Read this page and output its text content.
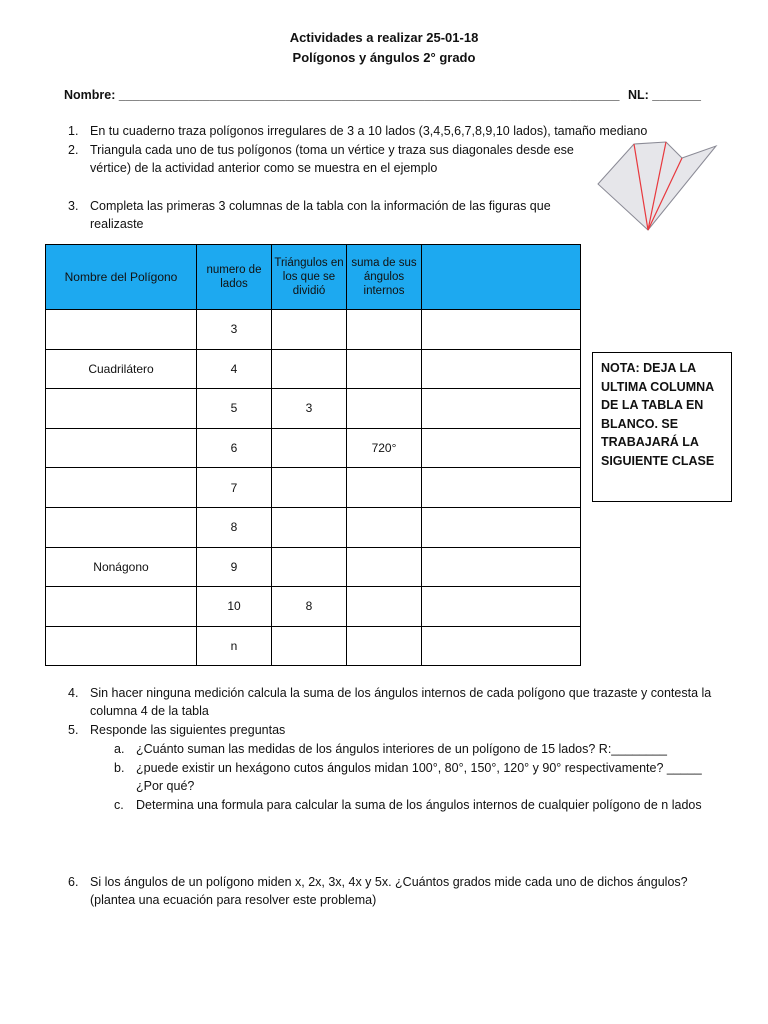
Actividades a realizar 25-01-18
Polígonos y ángulos 2° grado
Nombre: ________________________________________________________________________ NL: _______
1. En tu cuaderno traza polígonos irregulares de 3 a 10 lados (3,4,5,6,7,8,9,10 lados), tamaño mediano
2. Triangula cada uno de tus polígonos (toma un vértice y traza sus diagonales desde ese
vértice) de la actividad anterior como se muestra en el ejemplo
3. Completa las primeras 3 columnas de la tabla con la información de las figuras que
realizaste
Nombre del Polígono	numero de lados	Triángulos en los que se dividió	suma de sus ángulos internos	
	3			
Cuadrilátero	4			
	5	3		
	6		720°	
	7			
	8			
Nonágono	9			
	10	8		
	n			
NOTA: DEJA LA ULTIMA COLUMNA DE LA TABLA EN BLANCO. SE TRABAJARÁ LA SIGUIENTE CLASE
4. Sin hacer ninguna medición calcula la suma de los ángulos internos de cada polígono que trazaste y contesta la
columna 4 de la tabla
5. Responde las siguientes preguntas
a. ¿Cuánto suman las medidas de los ángulos interiores de un polígono de 15 lados? R:________
b. ¿puede existir un hexágono cutos ángulos midan 100°, 80°, 150°, 120° y 90° respectivamente? _____
¿Por qué?
c. Determina una formula para calcular la suma de los ángulos internos de cualquier polígono de n lados
6. Si los ángulos de un polígono miden x, 2x, 3x, 4x y 5x. ¿Cuántos grados mide cada uno de dichos ángulos?
(plantea una ecuación para resolver este problema)
